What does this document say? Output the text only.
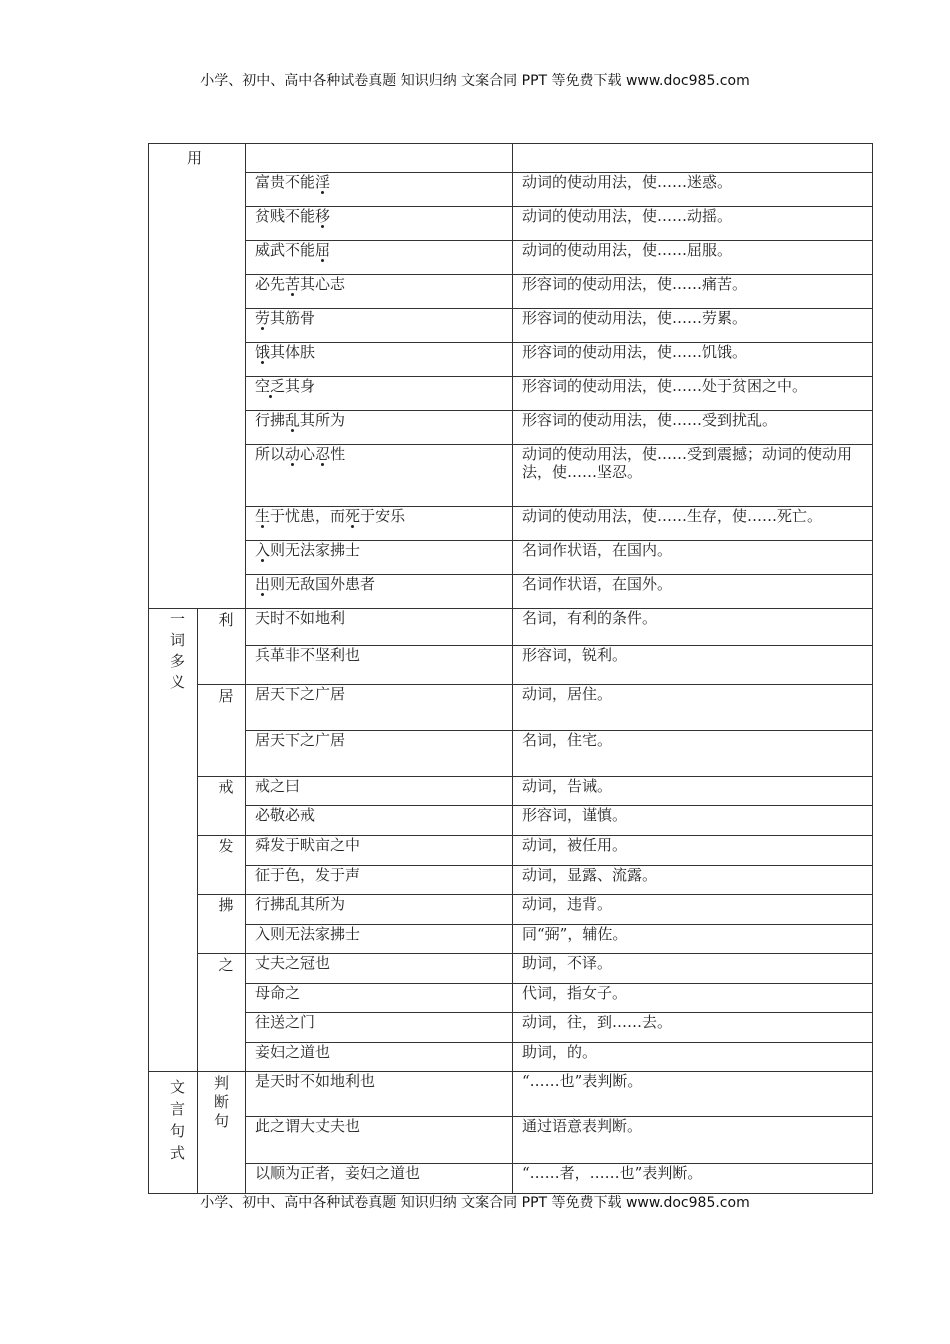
小学、初中、高中各种试卷真题 知识归纳 文案合同 PPT 等免费下载 www.doc985.com
用			

		富贵不能淫	动词的使动用法，使……迷惑。
		贫贱不能移	动词的使动用法，使……动摇。
		威武不能屈	动词的使动用法，使……屈服。
		必先苦其心志	形容词的使动用法，使……痛苦。
		劳其筋骨	形容词的使动用法，使……劳累。
		饿其体肤	形容词的使动用法，使……饥饿。
		空乏其身	形容词的使动用法，使……处于贫困之中。
		行拂乱其所为	形容词的使动用法，使……受到扰乱。
		所以动心忍性	动词的使动用法，使……受到震撼；动词的使动用法，使……坚忍。
		生于忧患，而死于安乐	动词的使动用法，使……生存，使……死亡。
		入则无法家拂士	名词作状语，在国内。
		出则无敌国外患者	名词作状语，在国外。

一词多义	利	天时不如地利	名词，有利的条件。
		兵革非不坚利也	形容词，锐利。
	居	居天下之广居	动词，居住。
		居天下之广居	名词，住宅。
	戒	戒之曰	动词，告诫。
		必敬必戒	形容词，谨慎。
	发	舜发于畎亩之中	动词，被任用。
		征于色，发于声	动词，显露、流露。
	拂	行拂乱其所为	动词，违背。
		入则无法家拂士	同“弼”，辅佐。
	之	丈夫之冠也	助词，不译。
		母命之	代词，指女子。
		往送之门	动词，往，到……去。
		妾妇之道也	助词，的。

文言句式	判断句	是天时不如地利也	“……也”表判断。
		此之谓大丈夫也	通过语意表判断。
		以顺为正者，妾妇之道也	“……者，……也”表判断。
小学、初中、高中各种试卷真题 知识归纳 文案合同 PPT 等免费下载 www.doc985.com
